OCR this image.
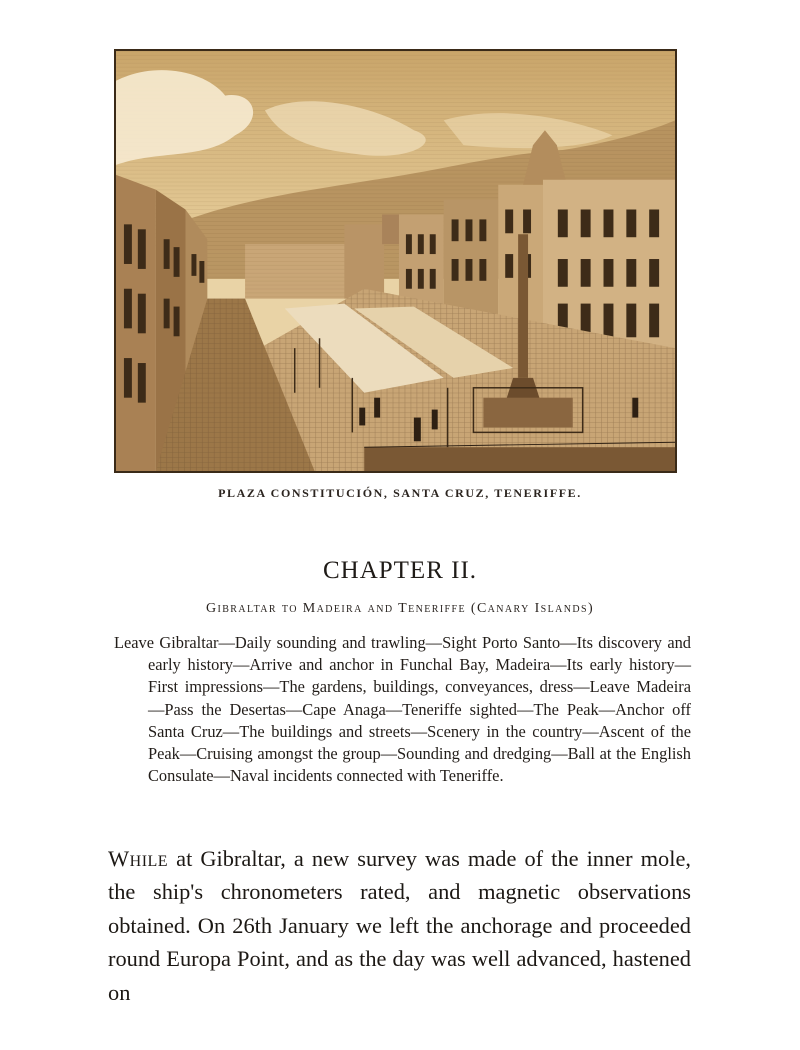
PLAZA CONSTITUCIÓN, SANTA CRUZ, TENERIFFE.
CHAPTER II.
Gibraltar to Madeira and Teneriffe (Canary Islands)
Leave Gibraltar—Daily sounding and trawling—Sight Porto Santo—Its discovery and early history—Arrive and anchor in Funchal Bay, Madeira—Its early history—First impressions—The gardens, buildings, conveyances, dress—Leave Madeira—Pass the Desertas—Cape Anaga—Teneriffe sighted—The Peak—Anchor off Santa Cruz—The buildings and streets—Scenery in the country—Ascent of the Peak—Cruising amongst the group—Sounding and dredging—Ball at the English Consulate—Naval incidents connected with Teneriffe.
While at Gibraltar, a new survey was made of the inner mole, the ship's chronometers rated, and magnetic observations obtained. On 26th January we left the anchorage and proceeded round Europa Point, and as the day was well advanced, hastened on
